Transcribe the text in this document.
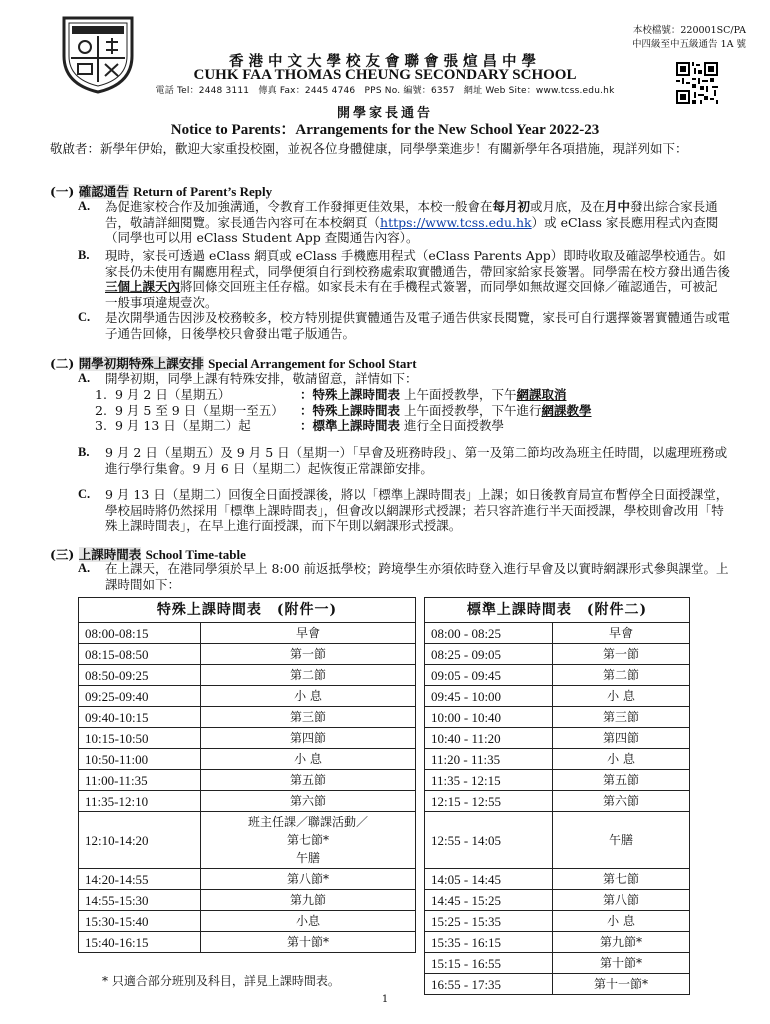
本校檔號：220001SC/PA
中四級至中五級通告 1A 號
香港中文大學校友會聯會張煊昌中學
CUHK FAA THOMAS CHEUNG SECONDARY SCHOOL
電話 Tel：2448 3111　傳真 Fax：2445 4746　PPS No. 編號：6357　網址 Web Site：www.tcss.edu.hk
開學家長通告
Notice to Parents：Arrangements for the New School Year 2022-23
敬啟者：新學年伊始，歡迎大家重投校園，並祝各位身體健康，同學學業進步！有關新學年各項措施，現詳列如下：
(一) 確認通告 Return of Parent’s Reply
A. 為促進家校合作及加強溝通，令教育工作發揮更佳效果，本校一般會在每月初或月底，及在月中發出綜合家長通告，敬請詳細閱覽。家長通告內容可在本校網頁（https://www.tcss.edu.hk）或 eClass 家長應用程式內查閱（同學也可以用 eClass Student App 查閱通告內容）。
B. 現時，家長可透過 eClass 網頁或 eClass 手機應用程式（eClass Parents App）即時收取及確認學校通告。如家長仍未使用有關應用程式，同學便須自行到校務處索取實體通告，帶回家給家長簽署。同學需在校方發出通告後三個上課天內將回條交回班主任存檔。如家長未有在手機程式簽署，而同學如無故遲交回條／確認通告，可被記一般事項違規壹次。
C. 是次開學通告因涉及校務較多，校方特別提供實體通告及電子通告供家長閱覽，家長可自行選擇簽署實體通告或電子通告回條，日後學校只會發出電子版通告。
(二) 開學初期特殊上課安排 Special Arrangement for School Start
A. 開學初期，同學上課有特殊安排，敬請留意，詳情如下：
1. 9 月 2 日（星期五）	：特殊上課時間表 上午面授教學，下午網課取消
2. 9 月 5 至 9 日（星期一至五） ：特殊上課時間表 上午面授教學，下午進行網課教學
3. 9 月 13 日（星期二）起	：標準上課時間表 進行全日面授教學
B. 9 月 2 日（星期五）及 9 月 5 日（星期一）「早會及班務時段」、第一及第二節均改為班主任時間，以處理班務或進行學行集會。9 月 6 日（星期二）起恢復正常課節安排。
C. 9 月 13 日（星期二）回復全日面授課後，將以「標準上課時間表」上課；如日後教育局宣布暫停全日面授課堂，學校屆時將仍然採用「標準上課時間表」，但會改以網課形式授課；若只容許進行半天面授課，學校則會改用「特殊上課時間表」，在早上進行面授課，而下午則以網課形式授課。
(三) 上課時間表 School Time-table
A. 在上課天，在港同學須於早上 8:00 前返抵學校；跨境學生亦須依時登入進行早會及以實時網課形式參與課堂。上課時間如下：
特殊上課時間表　(附件一)	
08:00-08:15	早會
08:15-08:50	第一節
08:50-09:25	第二節
09:25-09:40	小 息
09:40-10:15	第三節
10:15-10:50	第四節
10:50-11:00	小 息
11:00-11:35	第五節
11:35-12:10	第六節
12:10-14:20	班主任課／聯課活動／
第七節*
午膳

14:20-14:55	第八節*
14:55-15:30	第九節
15:30-15:40	小息
15:40-16:15	第十節*
標準上課時間表　(附件二)	
08:00 - 08:25	早會
08:25 - 09:05	第一節
09:05 - 09:45	第二節
09:45 - 10:00	小 息
10:00 - 10:40	第三節
10:40 - 11:20	第四節
11:20 - 11:35	小 息
11:35 - 12:15	第五節
12:15 - 12:55	第六節
12:55 - 14:05	午膳
14:05 - 14:45	第七節
14:45 - 15:25	第八節
15:25 - 15:35	小 息
15:35 - 16:15	第九節*
15:15 - 16:55	第十節*
16:55 - 17:35	第十一節*
* 只適合部分班別及科目，詳見上課時間表。
1
